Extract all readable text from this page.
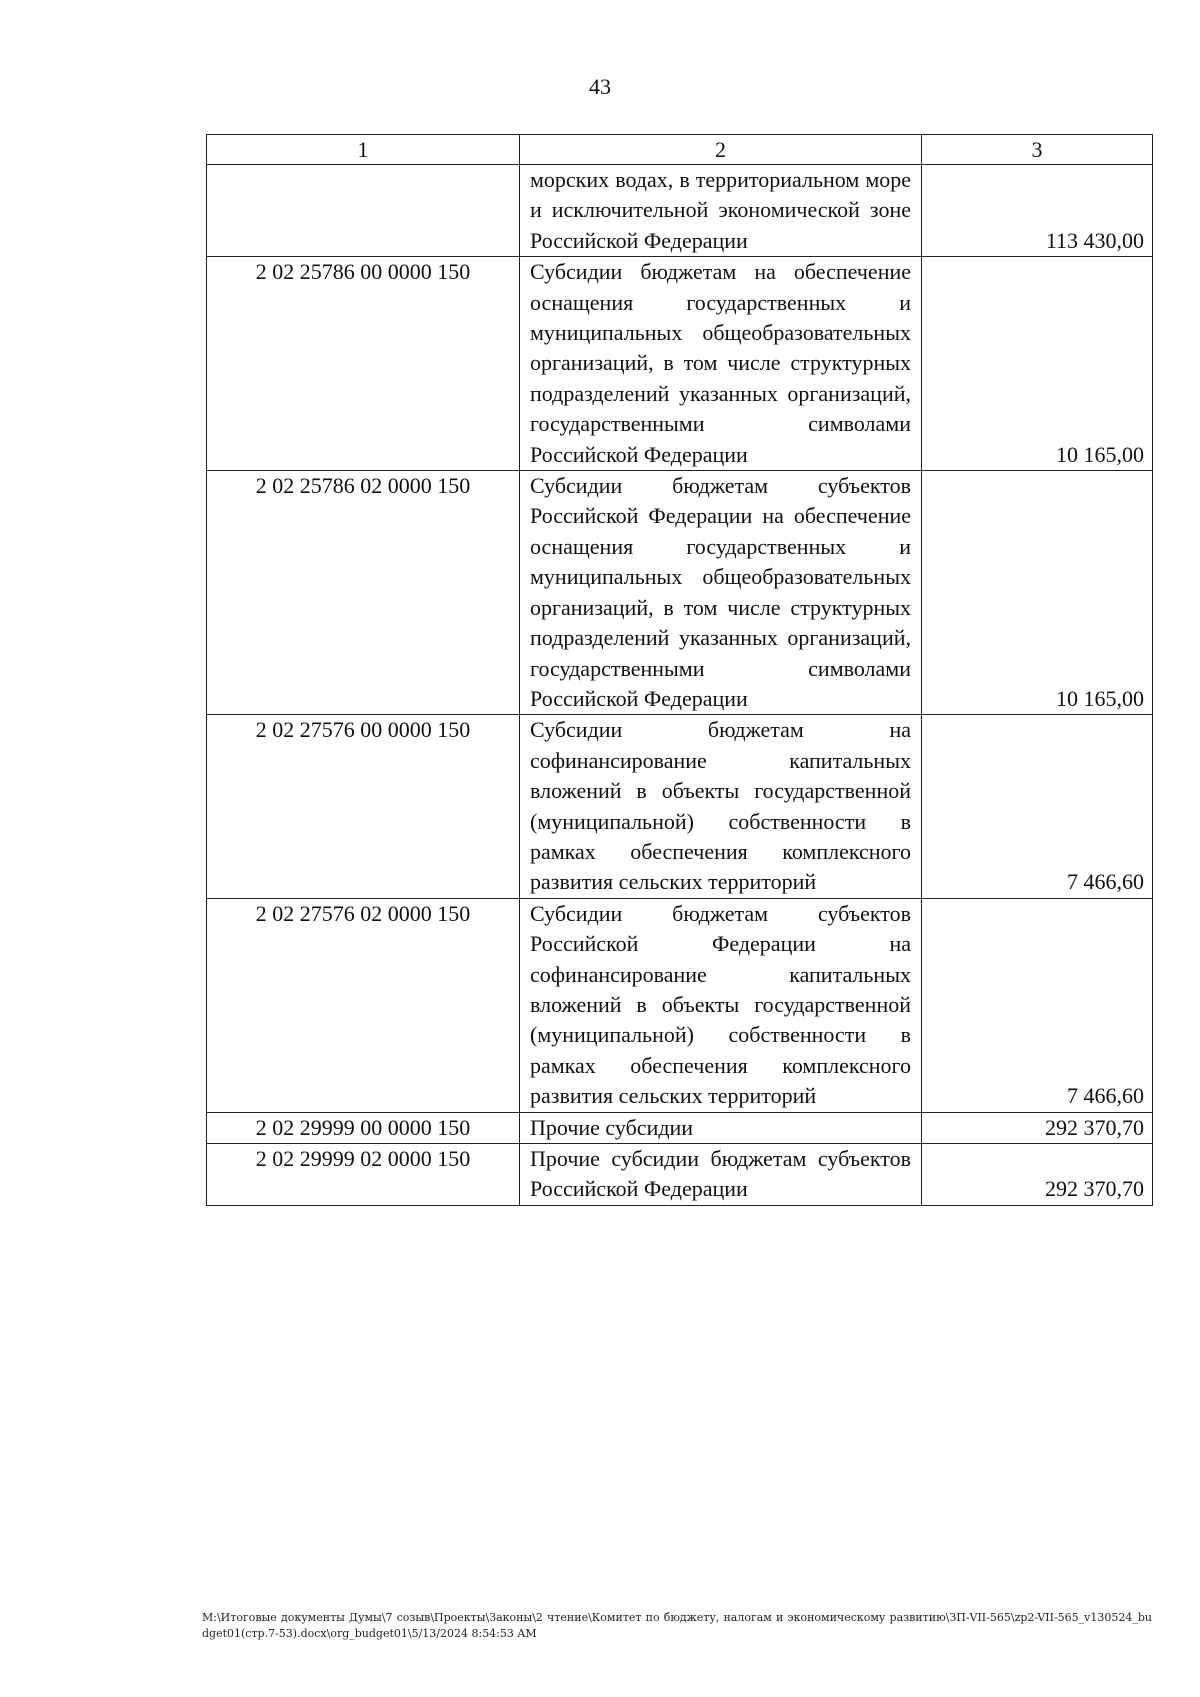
43
1	2	3
	морских водах, в территориальном море и исключительной экономической зоне Российской Федерации	113 430,00
2 02 25786 00 0000 150	Субсидии бюджетам на обеспечение оснащения государственных и муниципальных общеобразовательных организаций, в том числе структурных подразделений указанных организаций, государственными символами Российской Федерации	10 165,00
2 02 25786 02 0000 150	Субсидии бюджетам субъектов Российской Федерации на обеспечение оснащения государственных и муниципальных общеобразовательных организаций, в том числе структурных подразделений указанных организаций, государственными символами Российской Федерации	10 165,00
2 02 27576 00 0000 150	Субсидии бюджетам на софинансирование капитальных вложений в объекты государственной (муниципальной) собственности в рамках обеспечения комплексного развития сельских территорий	7 466,60
2 02 27576 02 0000 150	Субсидии бюджетам субъектов Российской Федерации на софинансирование капитальных вложений в объекты государственной (муниципальной) собственности в рамках обеспечения комплексного развития сельских территорий	7 466,60
2 02 29999 00 0000 150	Прочие субсидии	292 370,70
2 02 29999 02 0000 150	Прочие субсидии бюджетам субъектов Российской Федерации	292 370,70
M:\Итоговые документы Думы\7 созыв\Проекты\Законы\2 чтение\Комитет по бюджету, налогам и экономическому развитию\ЗП-VII-565\zp2-VII-565_v130524_budget01(стр.7-53).docx\org_budget01\5/13/2024 8:54:53 AM
